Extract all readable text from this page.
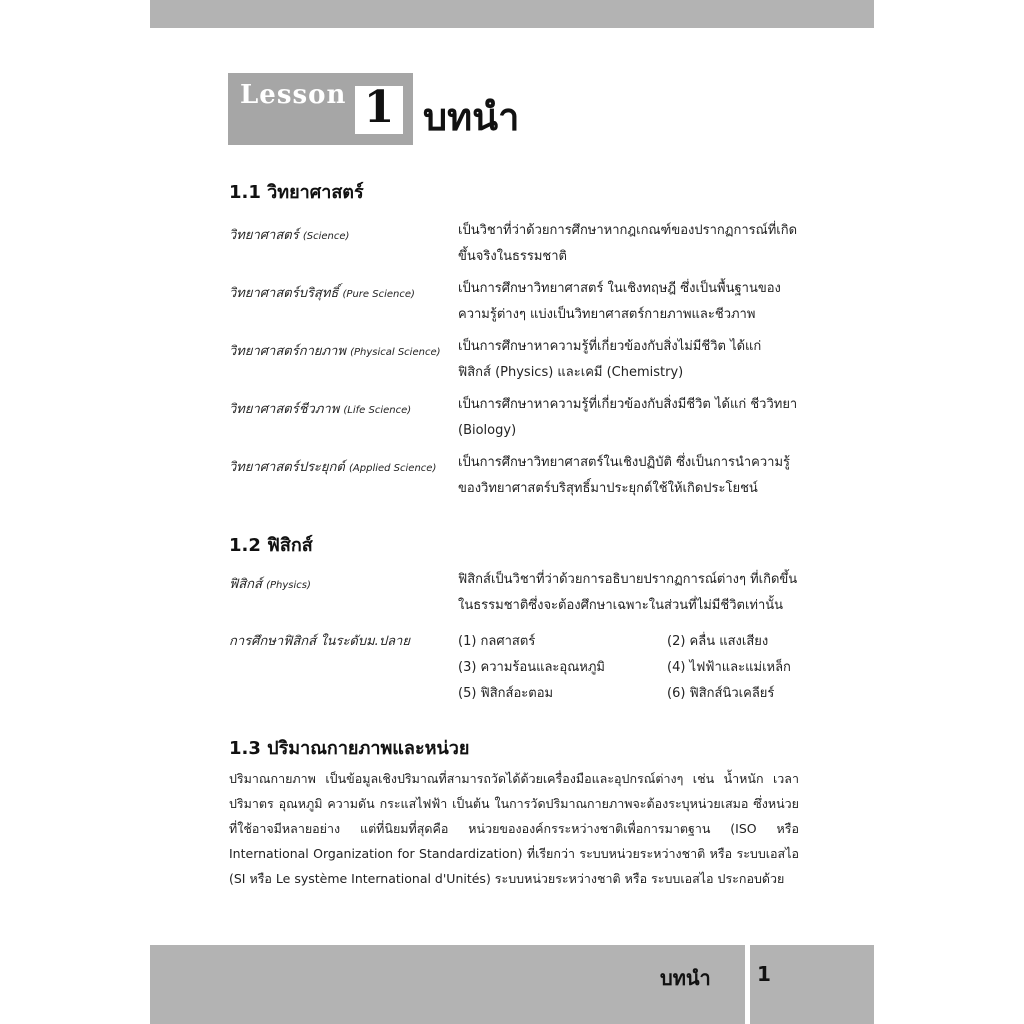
Lesson 1 บทนำ
1.1 วิทยาศาสตร์
วิทยาศาสตร์ (Science)	เป็นวิชาที่ว่าด้วยการศึกษาหากฎเกณฑ์ของปรากฏการณ์ที่เกิดขึ้นจริงในธรรมชาติ
วิทยาศาสตร์บริสุทธิ์ (Pure Science)	เป็นการศึกษาวิทยาศาสตร์ ในเชิงทฤษฎี ซึ่งเป็นพื้นฐานของความรู้ต่างๆ แบ่งเป็นวิทยาศาสตร์กายภาพและชีวภาพ
วิทยาศาสตร์กายภาพ (Physical Science) เป็นการศึกษาหาความรู้ที่เกี่ยวข้องกับสิ่งไม่มีชีวิต ได้แก่ ฟิสิกส์ (Physics) และเคมี (Chemistry)
วิทยาศาสตร์ชีวภาพ (Life Science)	เป็นการศึกษาหาความรู้ที่เกี่ยวข้องกับสิ่งมีชีวิต ได้แก่ ชีววิทยา (Biology)
วิทยาศาสตร์ประยุกต์ (Applied Science) เป็นการศึกษาวิทยาศาสตร์ในเชิงปฏิบัติ ซึ่งเป็นการนำความรู้ของวิทยาศาสตร์บริสุทธิ์มาประยุกต์ใช้ให้เกิดประโยชน์
1.2 ฟิสิกส์
ฟิสิกส์ (Physics)	ฟิสิกส์เป็นวิชาที่ว่าด้วยการอธิบายปรากฏการณ์ต่างๆ ที่เกิดขึ้นในธรรมชาติซึ่งจะต้องศึกษาเฉพาะในส่วนที่ไม่มีชีวิตเท่านั้น
การศึกษาฟิสิกส์ ในระดับม.ปลาย	(1) กลศาสตร์	(2) คลื่น แสงเสียง
(3) ความร้อนและอุณหภูมิ	(4) ไฟฟ้าและแม่เหล็ก
(5) ฟิสิกส์อะตอม	(6) ฟิสิกส์นิวเคลียร์
1.3 ปริมาณกายภาพและหน่วย
ปริมาณกายภาพ เป็นข้อมูลเชิงปริมาณที่สามารถวัดได้ด้วยเครื่องมือและอุปกรณ์ต่างๆ เช่น น้ำหนัก เวลา ปริมาตร อุณหภูมิ ความดัน กระแสไฟฟ้า เป็นต้น ในการวัดปริมาณกายภาพจะต้องระบุหน่วยเสมอ ซึ่งหน่วยที่ใช้อาจมีหลายอย่าง แต่ที่นิยมที่สุดคือ หน่วยขององค์กรระหว่างชาติเพื่อการมาตฐาน (ISO หรือ International Organization for Standardization) ที่เรียกว่า ระบบหน่วยระหว่างชาติ หรือ ระบบเอสไอ (SI หรือ Le système International d'Unités) ระบบหน่วยระหว่างชาติ หรือ ระบบเอสไอ ประกอบด้วย
บทนำ 1
